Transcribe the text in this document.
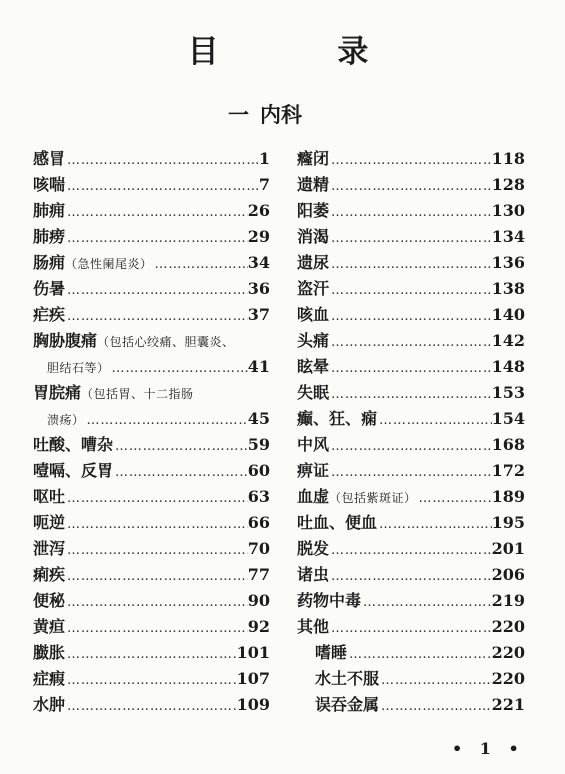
目 录
一 内科
感冒 ……………………………………………………………………………………	1
咳喘 ……………………………………………………………………………………	7
肺痈 ……………………………………………………………………………………	26
肺痨 ……………………………………………………………………………………	29
肠痈 （急性阑尾炎） ……………………………………………………………………………………	34
伤暑 ……………………………………………………………………………………	36
疟疾 ……………………………………………………………………………………	37
胸胁腹痛 （包括心绞痛、胆囊炎、
胆结石等） ……………………………………………………………………………………	41
胃脘痛 （包括胃、十二指肠
溃疡） ……………………………………………………………………………………	45
吐酸、嘈杂 ……………………………………………………………………………………	59
噎嗝、反胃 ……………………………………………………………………………………	60
呕吐 ……………………………………………………………………………………	63
呃逆 ……………………………………………………………………………………	66
泄泻 ……………………………………………………………………………………	70
痢疾 ……………………………………………………………………………………	77
便秘 ……………………………………………………………………………………	90
黄疸 ……………………………………………………………………………………	92
臌胀 ……………………………………………………………………………………	101
症瘕 ……………………………………………………………………………………	107
水肿 ……………………………………………………………………………………	109
癃闭 ……………………………………………………………………………………	118
遗精 ……………………………………………………………………………………	128
阳萎 ……………………………………………………………………………………	130
消渴 ……………………………………………………………………………………	134
遗尿 ……………………………………………………………………………………	136
盗汗 ……………………………………………………………………………………	138
咳血 ……………………………………………………………………………………	140
头痛 ……………………………………………………………………………………	142
眩晕 ……………………………………………………………………………………	148
失眠 ……………………………………………………………………………………	153
癫、狂、痫 ……………………………………………………………………………………	154
中风 ……………………………………………………………………………………	168
痹证 ……………………………………………………………………………………	172
血虚 （包括紫斑证） ……………………………………………………………………………………	189
吐血、便血 ……………………………………………………………………………………	195
脱发 ……………………………………………………………………………………	201
诸虫 ……………………………………………………………………………………	206
药物中毒 ……………………………………………………………………………………	219
其他 ……………………………………………………………………………………	220
嗜睡 ……………………………………………………………………………………	220
水土不服 ……………………………………………………………………………………	220
误吞金属 ……………………………………………………………………………………	221
• 1 •
